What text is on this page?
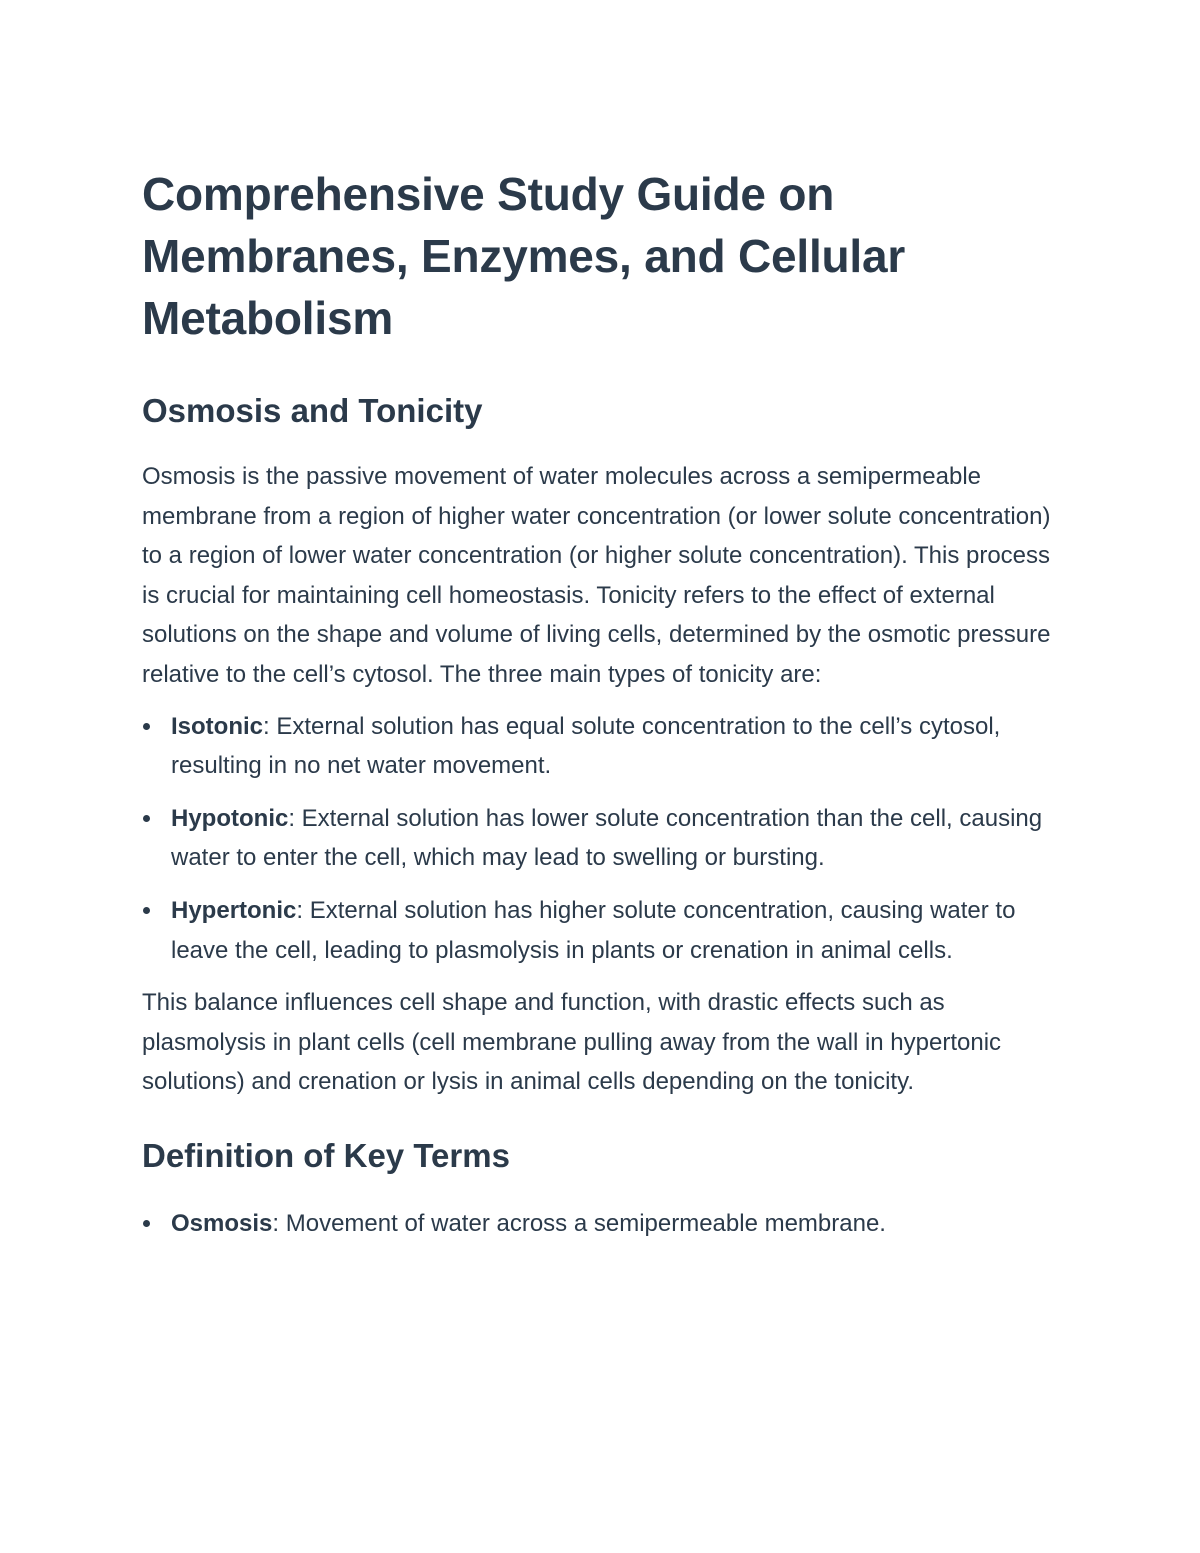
Comprehensive Study Guide on Membranes, Enzymes, and Cellular Metabolism
Osmosis and Tonicity

Osmosis is the passive movement of water molecules across a semipermeable membrane from a region of higher water concentration (or lower solute concentration) to a region of lower water concentration (or higher solute concentration). This process is crucial for maintaining cell homeostasis. Tonicity refers to the effect of external solutions on the shape and volume of living cells, determined by the osmotic pressure relative to the cell’s cytosol. The three main types of tonicity are:

Isotonic: External solution has equal solute concentration to the cell’s cytosol, resulting in no net water movement.
Hypotonic: External solution has lower solute concentration than the cell, causing water to enter the cell, which may lead to swelling or bursting.
Hypertonic: External solution has higher solute concentration, causing water to leave the cell, leading to plasmolysis in plants or crenation in animal cells.

This balance influences cell shape and function, with drastic effects such as plasmolysis in plant cells (cell membrane pulling away from the wall in hypertonic solutions) and crenation or lysis in animal cells depending on the tonicity.

Definition of Key Terms
Osmosis: Movement of water across a semipermeable membrane.
